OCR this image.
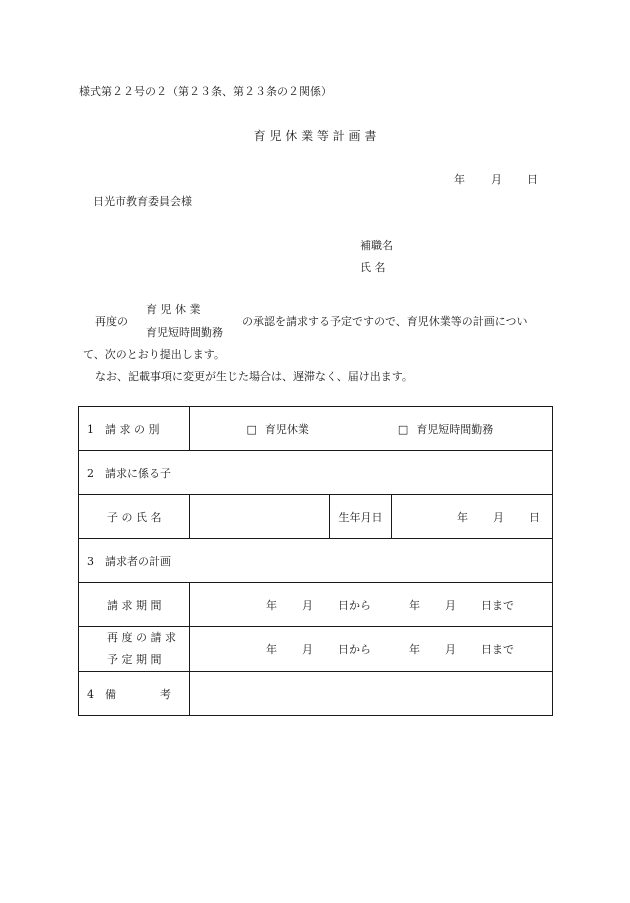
様式第２２号の２（第２３条、第２３条の２関係）
育 児 休 業 等 計 画 書
年 月 日
日光市教育委員会様
補職名
氏 名
再度の
育 児 休 業
育児短時間勤務
の承認を請求する予定ですので、育児休業等の計画につい
て、次のとおり提出します。
なお、記載事項に変更が生じた場合は、遅滞なく、届け出ます。
1　請 求 の 別	□ 育児休業 □ 育児短時間勤務		
2　請求に係る子			
子 の 氏 名		生年月日	年 月 日
3　請求者の計画			
請 求 期 間	年 月 日から 年 月 日まで		

再 度 の 請 求
予 定 期 間	年 月 日から 年 月 日まで		
4　備　　　　考			
